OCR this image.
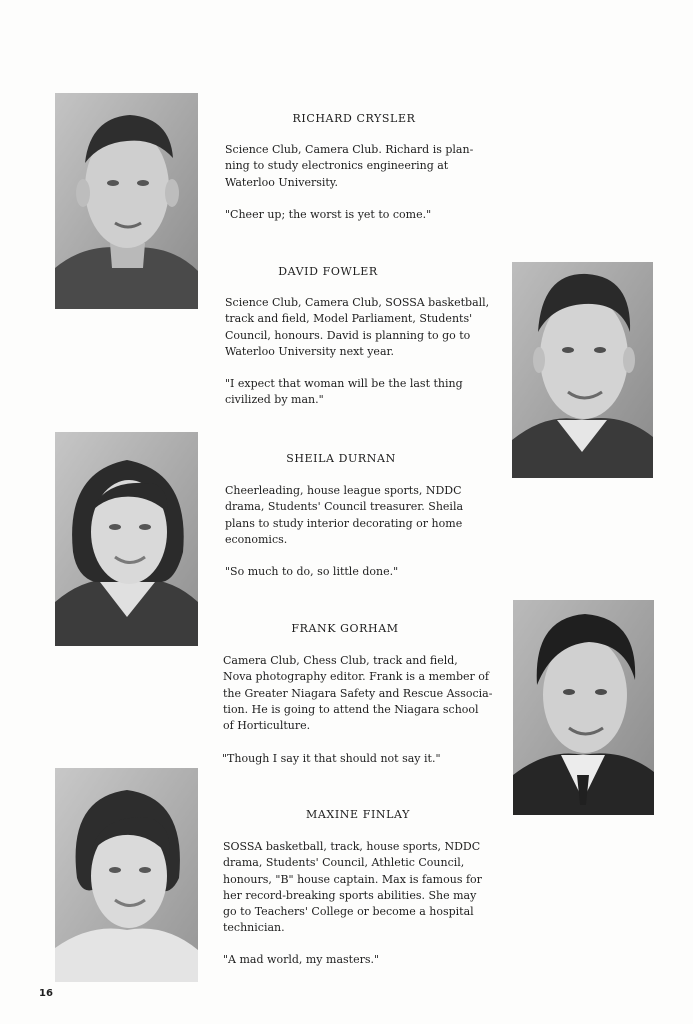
RICHARD CRYSLER
Science Club, Camera Club. Richard is plan-
ning to study electronics engineering at
Waterloo University.
"Cheer up; the worst is yet to come."
DAVID FOWLER
Science Club, Camera Club, SOSSA basketball,
track and field, Model Parliament, Students'
Council, honours. David is planning to go to
Waterloo University next year.
"I expect that woman will be the last thing
civilized by man."
SHEILA DURNAN
Cheerleading, house league sports, NDDC
drama, Students' Council treasurer. Sheila
plans to study interior decorating or home
economics.
"So much to do, so little done."
FRANK GORHAM
Camera Club, Chess Club, track and field,
Nova photography editor. Frank is a member of
the Greater Niagara Safety and Rescue Associa-
tion. He is going to attend the Niagara school
of Horticulture.
"Though I say it that should not say it."
MAXINE FINLAY
SOSSA basketball, track, house sports, NDDC
drama, Students' Council, Athletic Council,
honours, "B" house captain. Max is famous for
her record-breaking sports abilities. She may
go to Teachers' College or become a hospital
technician.
"A mad world, my masters."
16
